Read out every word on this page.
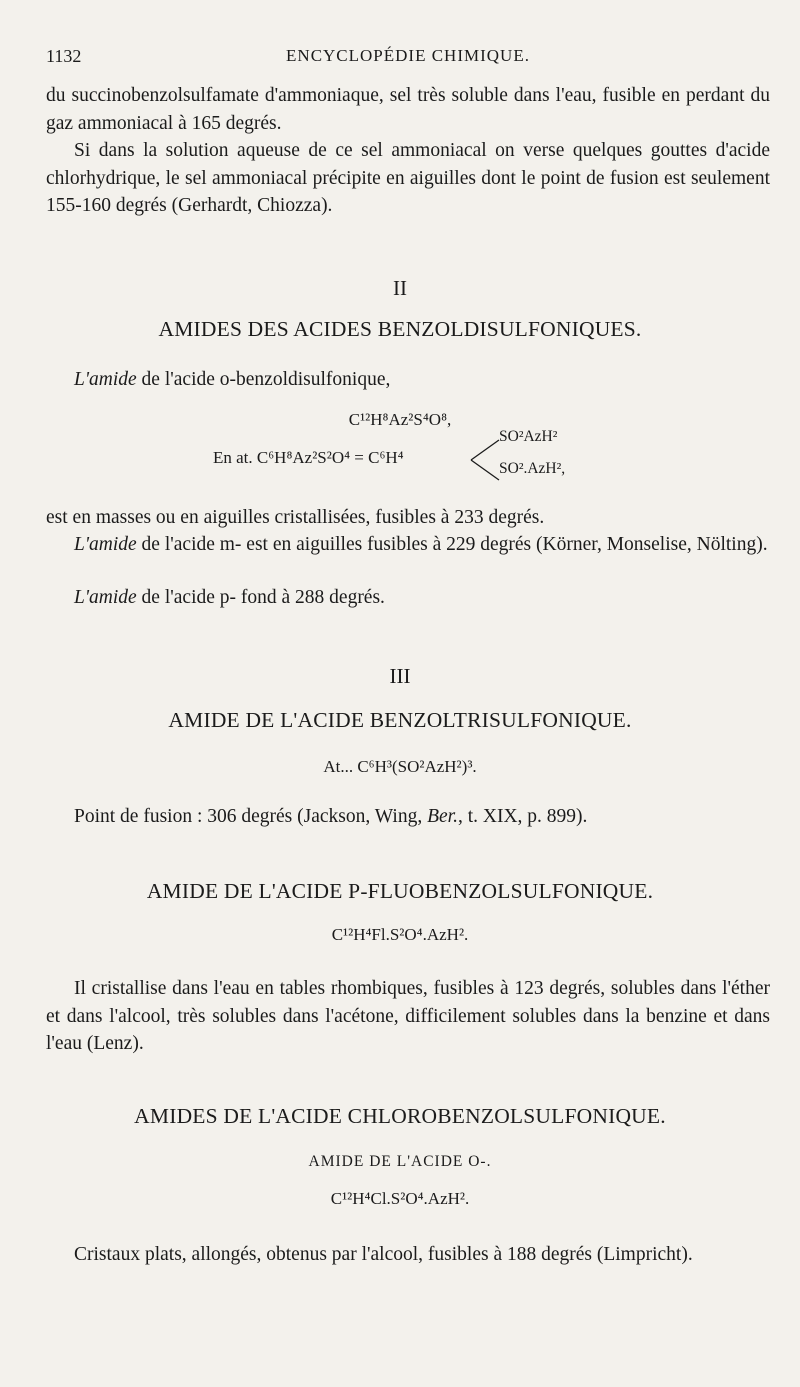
1132	ENCYCLOPÉDIE CHIMIQUE.

du succinobenzolsulfamate d'ammoniaque, sel très soluble dans l'eau, fusible en perdant du gaz ammoniacal à 165 degrés.

Si dans la solution aqueuse de ce sel ammoniacal on verse quelques gouttes d'acide chlorhydrique, le sel ammoniacal précipite en aiguilles dont le point de fusion est seulement 155-160 degrés (Gerhardt, Chiozza).

II

AMIDES DES ACIDES BENZOLDISULFONIQUES.

L'amide de l'acide o-benzoldisulfonique,

C¹²H⁸Az²S⁴O⁸,

En at. C⁶H⁸Az²S²O⁴ = C⁶H⁴
SO²AzH²
SO².AzH²,

est en masses ou en aiguilles cristallisées, fusibles à 233 degrés.

L'amide de l'acide m- est en aiguilles fusibles à 229 degrés (Körner, Monselise, Nölting).

L'amide de l'acide p- fond à 288 degrés.

III

AMIDE DE L'ACIDE BENZOLTRISULFONIQUE.

At... C⁶H³(SO²AzH²)³.

Point de fusion : 306 degrés (Jackson, Wing, Ber., t. XIX, p. 899).

AMIDE DE L'ACIDE P-FLUOBENZOLSULFONIQUE.

C¹²H⁴Fl.S²O⁴.AzH².

Il cristallise dans l'eau en tables rhombiques, fusibles à 123 degrés, solubles dans l'éther et dans l'alcool, très solubles dans l'acétone, difficilement solubles dans la benzine et dans l'eau (Lenz).

AMIDES DE L'ACIDE CHLOROBENZOLSULFONIQUE.

AMIDE DE L'ACIDE O-.

C¹²H⁴Cl.S²O⁴.AzH².

Cristaux plats, allongés, obtenus par l'alcool, fusibles à 188 degrés (Limpricht).
